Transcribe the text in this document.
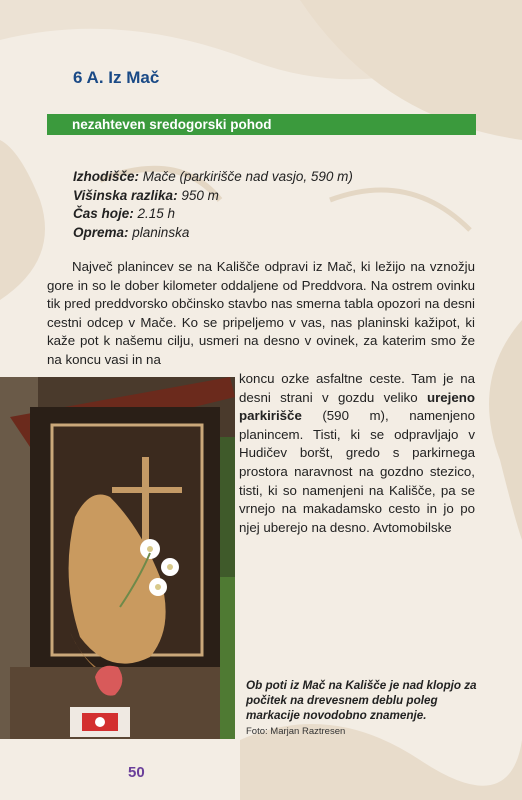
6 A. Iz Mač
nezahteven sredogorski pohod
Izhodišče: Mače (parkirišče nad vasjo, 590 m)
Višinska razlika: 950 m
Čas hoje: 2.15 h
Oprema: planinska

Največ planincev se na Kališče odpravi iz Mač, ki ležijo na vznožju gore in so le dober kilometer oddaljene od Preddvora. Na ostrem ovinku tik pred preddvorsko občinsko stavbo nas smerna tabla opozori na desni cestni odcep v Mače. Ko se pripeljemo v vas, nas planinski kažipot, ki kaže pot k našemu cilju, usmeri na desno v ovinek, za katerim smo že na koncu vasi in na

koncu ozke asfaltne ceste. Tam je na desni strani v gozdu veliko urejeno parkirišče (590 m), namenjeno planincem. Tisti, ki se odpravljajo v Hudičev boršt, gredo s parkirnega prostora naravnost na gozdno stezico, tisti, ki so namenjeni na Kališče, pa se vrnejo na makadamsko cesto in jo po njej uberejo na desno. Avtomobilske
Ob poti iz Mač na Kališče je nad klopjo za počitek na drevesnem deblu poleg markacije novodobno znamenje.
Foto: Marjan Raztresen
50
